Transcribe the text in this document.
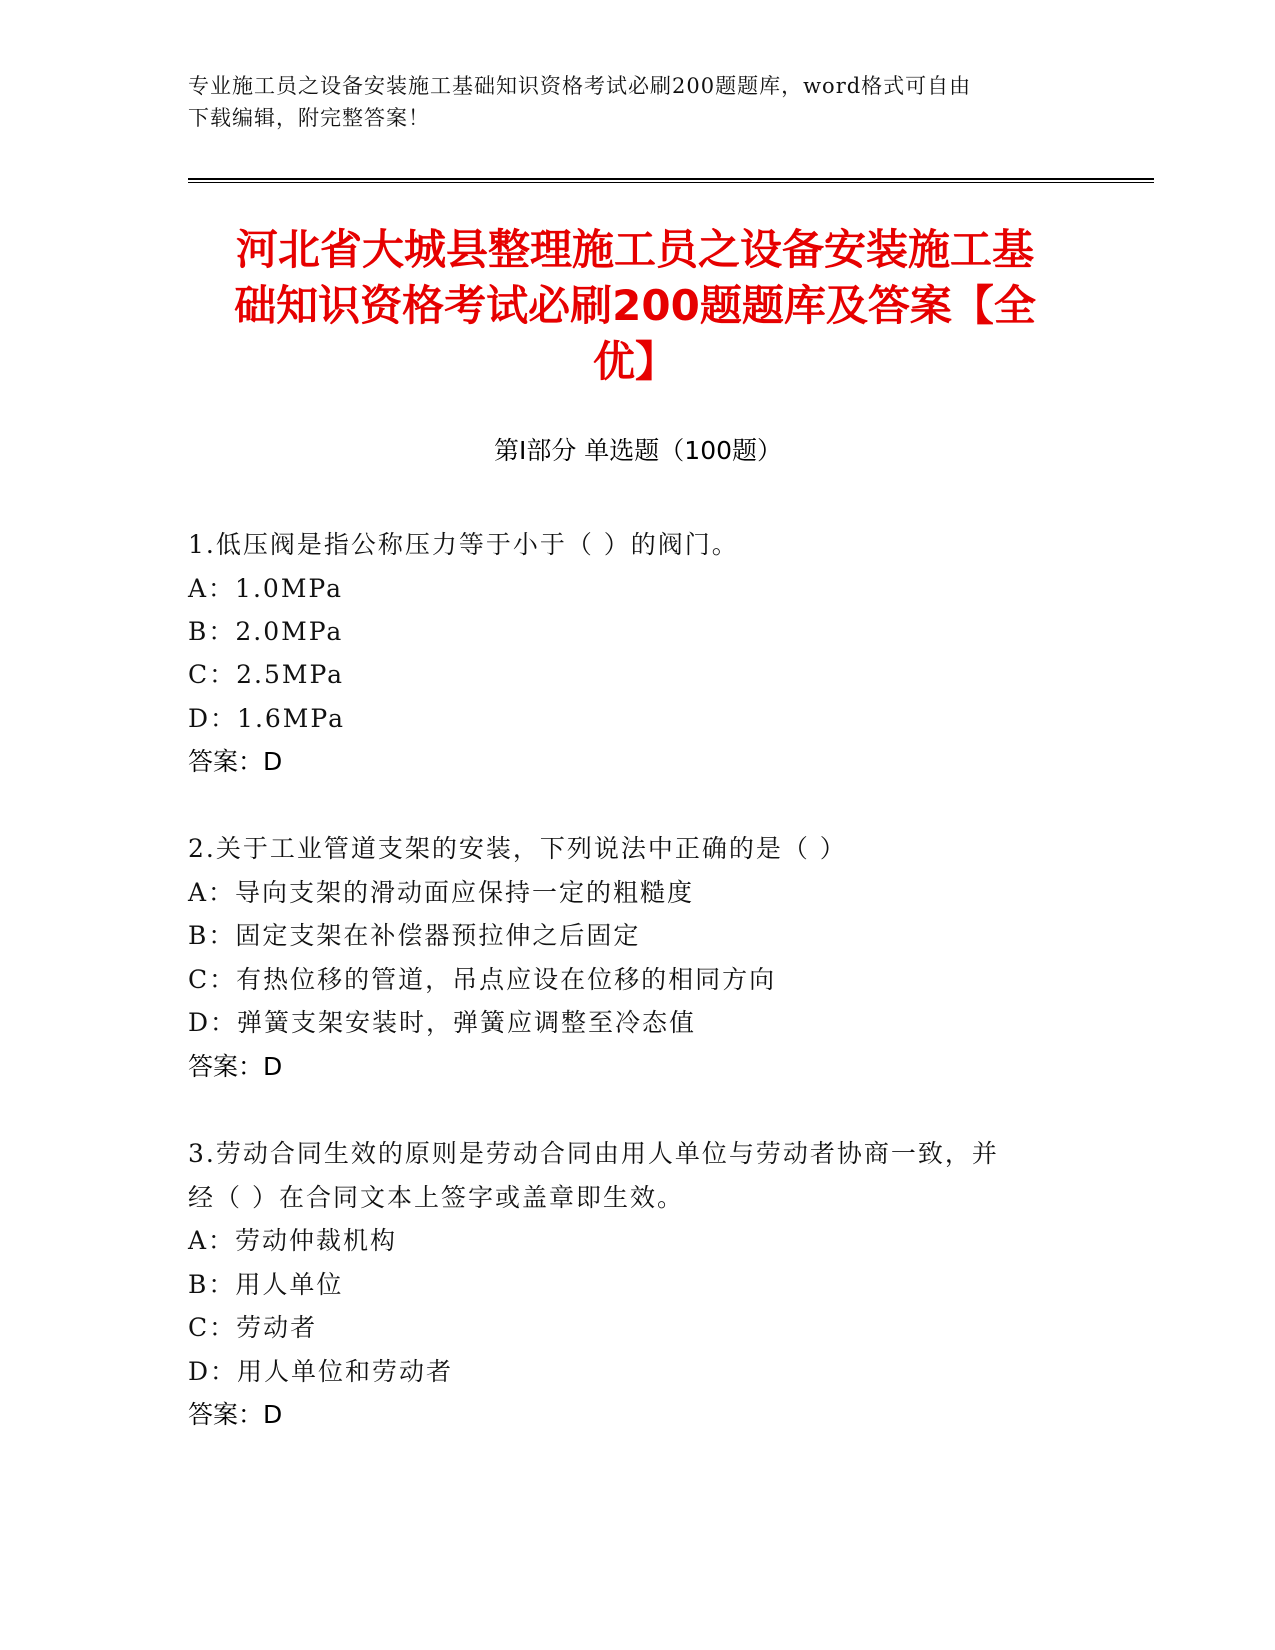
专业施工员之设备安装施工基础知识资格考试必刷200题题库，word格式可自由
下载编辑，附完整答案！
河北省大城县整理施工员之设备安装施工基
础知识资格考试必刷200题题库及答案【全
优】
第I部分 单选题（100题）
1.低压阀是指公称压力等于小于（ ）的阀门。
A：1.0MPa
B：2.0MPa
C：2.5MPa
D：1.6MPa
答案：D
2.关于工业管道支架的安装，下列说法中正确的是（ ）
A：导向支架的滑动面应保持一定的粗糙度
B：固定支架在补偿器预拉伸之后固定
C：有热位移的管道，吊点应设在位移的相同方向
D：弹簧支架安装时，弹簧应调整至冷态值
答案：D
3.劳动合同生效的原则是劳动合同由用人单位与劳动者协商一致，并
经（ ）在合同文本上签字或盖章即生效。
A：劳动仲裁机构
B：用人单位
C：劳动者
D：用人单位和劳动者
答案：D
